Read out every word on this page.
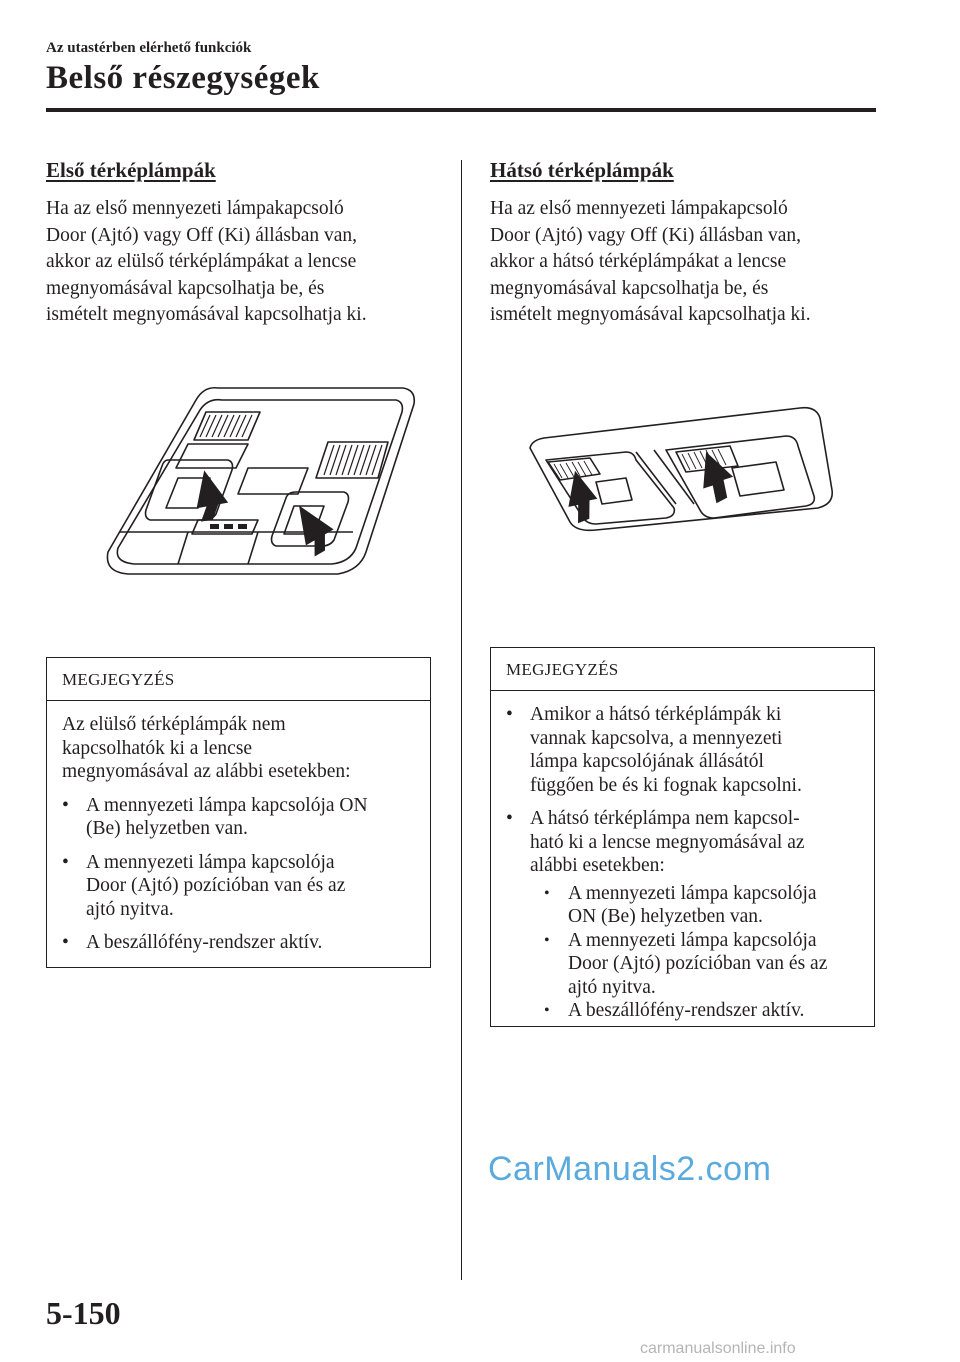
Az utastérben elérhető funkciók
Belső részegységek
Első térképlámpák
Ha az első mennyezeti lámpakapcsoló
Door (Ajtó) vagy Off (Ki) állásban van,
akkor az elülső térképlámpákat a lencse
megnyomásával kapcsolhatja be, és
ismételt megnyomásával kapcsolhatja ki.
MEGJEGYZÉS

Az elülső térképlámpák nem
kapcsolhatók ki a lencse
megnyomásával az alábbi esetekben:

• A mennyezeti lámpa kapcsolója ON
(Be) helyzetben van.
• A mennyezeti lámpa kapcsolója
Door (Ajtó) pozícióban van és az
ajtó nyitva.
• A beszállófény-rendszer aktív.
Hátsó térképlámpák
Ha az első mennyezeti lámpakapcsoló
Door (Ajtó) vagy Off (Ki) állásban van,
akkor a hátsó térképlámpákat a lencse
megnyomásával kapcsolhatja be, és
ismételt megnyomásával kapcsolhatja ki.
MEGJEGYZÉS
• Amikor a hátsó térképlámpák ki
vannak kapcsolva, a mennyezeti
lámpa kapcsolójának állásától
függően be és ki fognak kapcsolni.
• A hátsó térképlámpa nem kapcsol-
ható ki a lencse megnyomásával az
alábbi esetekben:
• A mennyezeti lámpa kapcsolója
ON (Be) helyzetben van.
• A mennyezeti lámpa kapcsolója
Door (Ajtó) pozícióban van és az
ajtó nyitva.
• A beszállófény-rendszer aktív.
CarManuals2.com
5-150
carmanualsonline.info
